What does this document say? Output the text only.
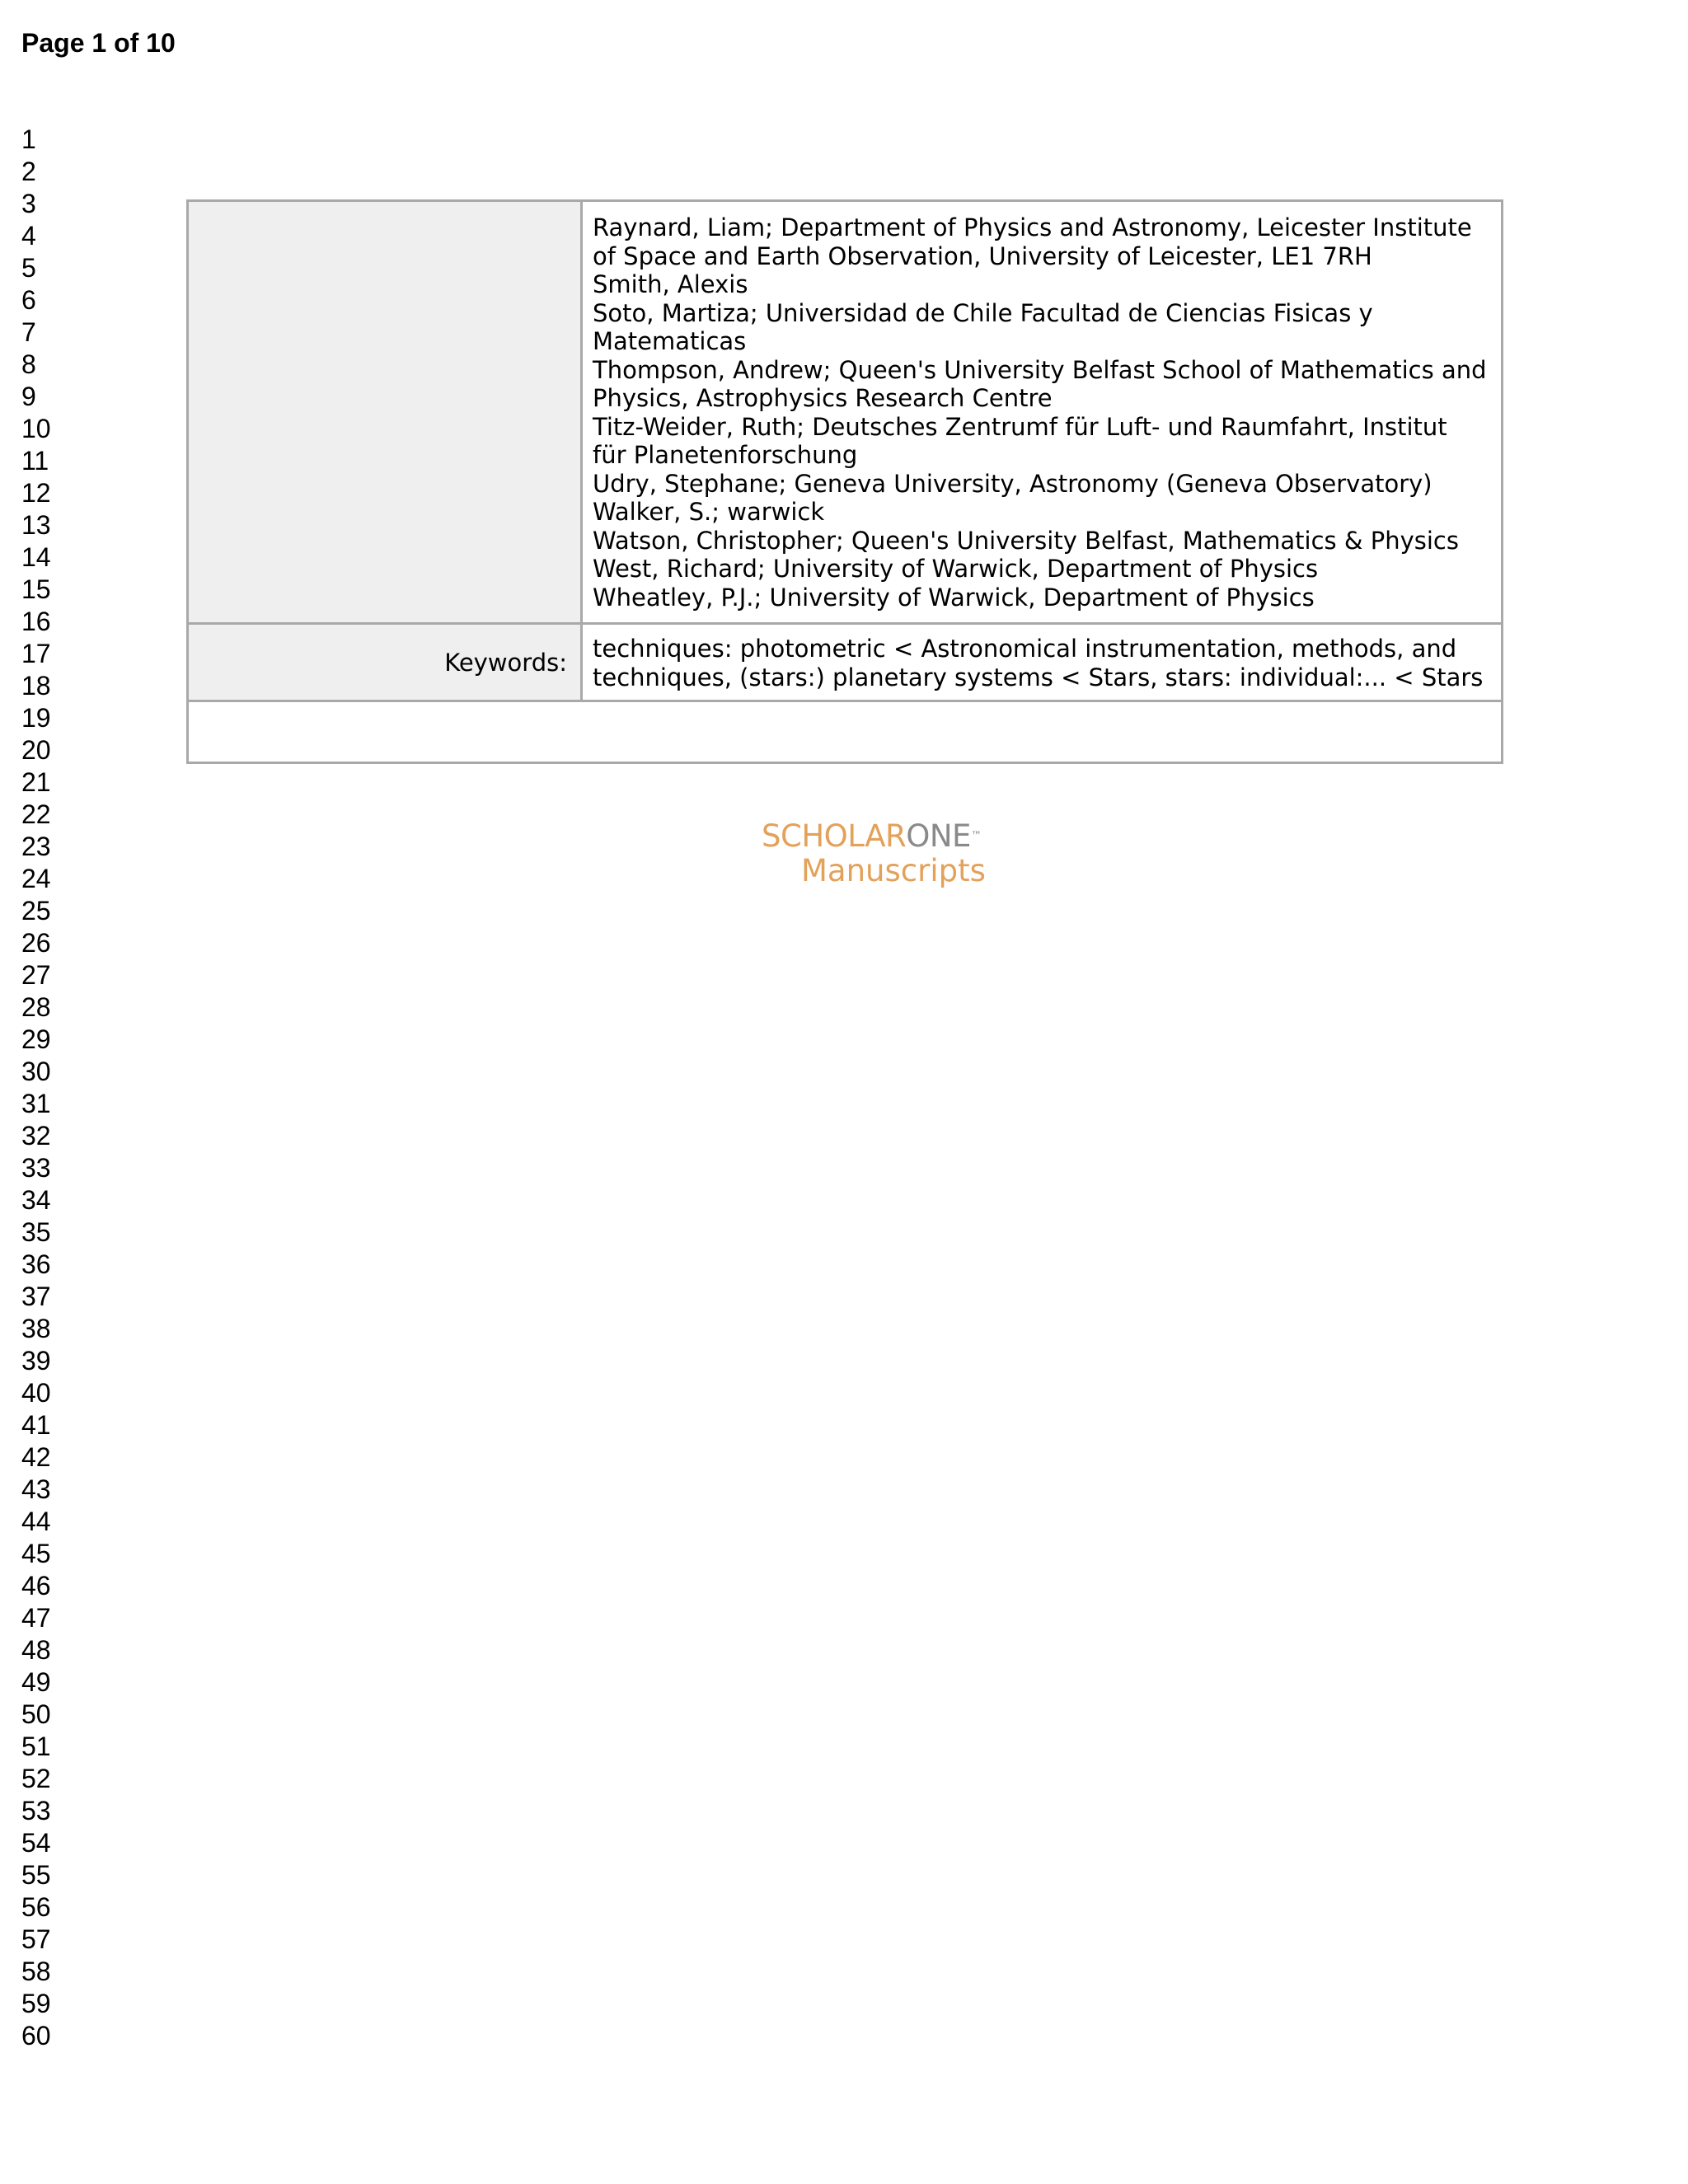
Page 1 of 10
1
2
3
4
5
6
7
8
9
10
11
12
13
14
15
16
17
18
19
20
21
22
23
24
25
26
27
28
29
30
31
32
33
34
35
36
37
38
39
40
41
42
43
44
45
46
47
48
49
50
51
52
53
54
55
56
57
58
59
60
Raynard, Liam; Department of Physics and Astronomy, Leicester Institute
of Space and Earth Observation, University of Leicester, LE1 7RH
Smith, Alexis
Soto, Martiza; Universidad de Chile Facultad de Ciencias Fisicas y
Matematicas
Thompson, Andrew; Queen's University Belfast School of Mathematics and
Physics, Astrophysics Research Centre
Titz-Weider, Ruth; Deutsches Zentrumf für Luft- und Raumfahrt, Institut
für Planetenforschung
Udry, Stephane; Geneva University, Astronomy (Geneva Observatory)
Walker, S.; warwick
Watson, Christopher; Queen's University Belfast, Mathematics & Physics
West, Richard; University of Warwick, Department of Physics
Wheatley, P.J.; University of Warwick, Department of Physics
Keywords:	techniques: photometric < Astronomical instrumentation, methods, and
techniques, (stars:) planetary systems < Stars, stars: individual:... < Stars
SCHOLARONE™
Manuscripts
